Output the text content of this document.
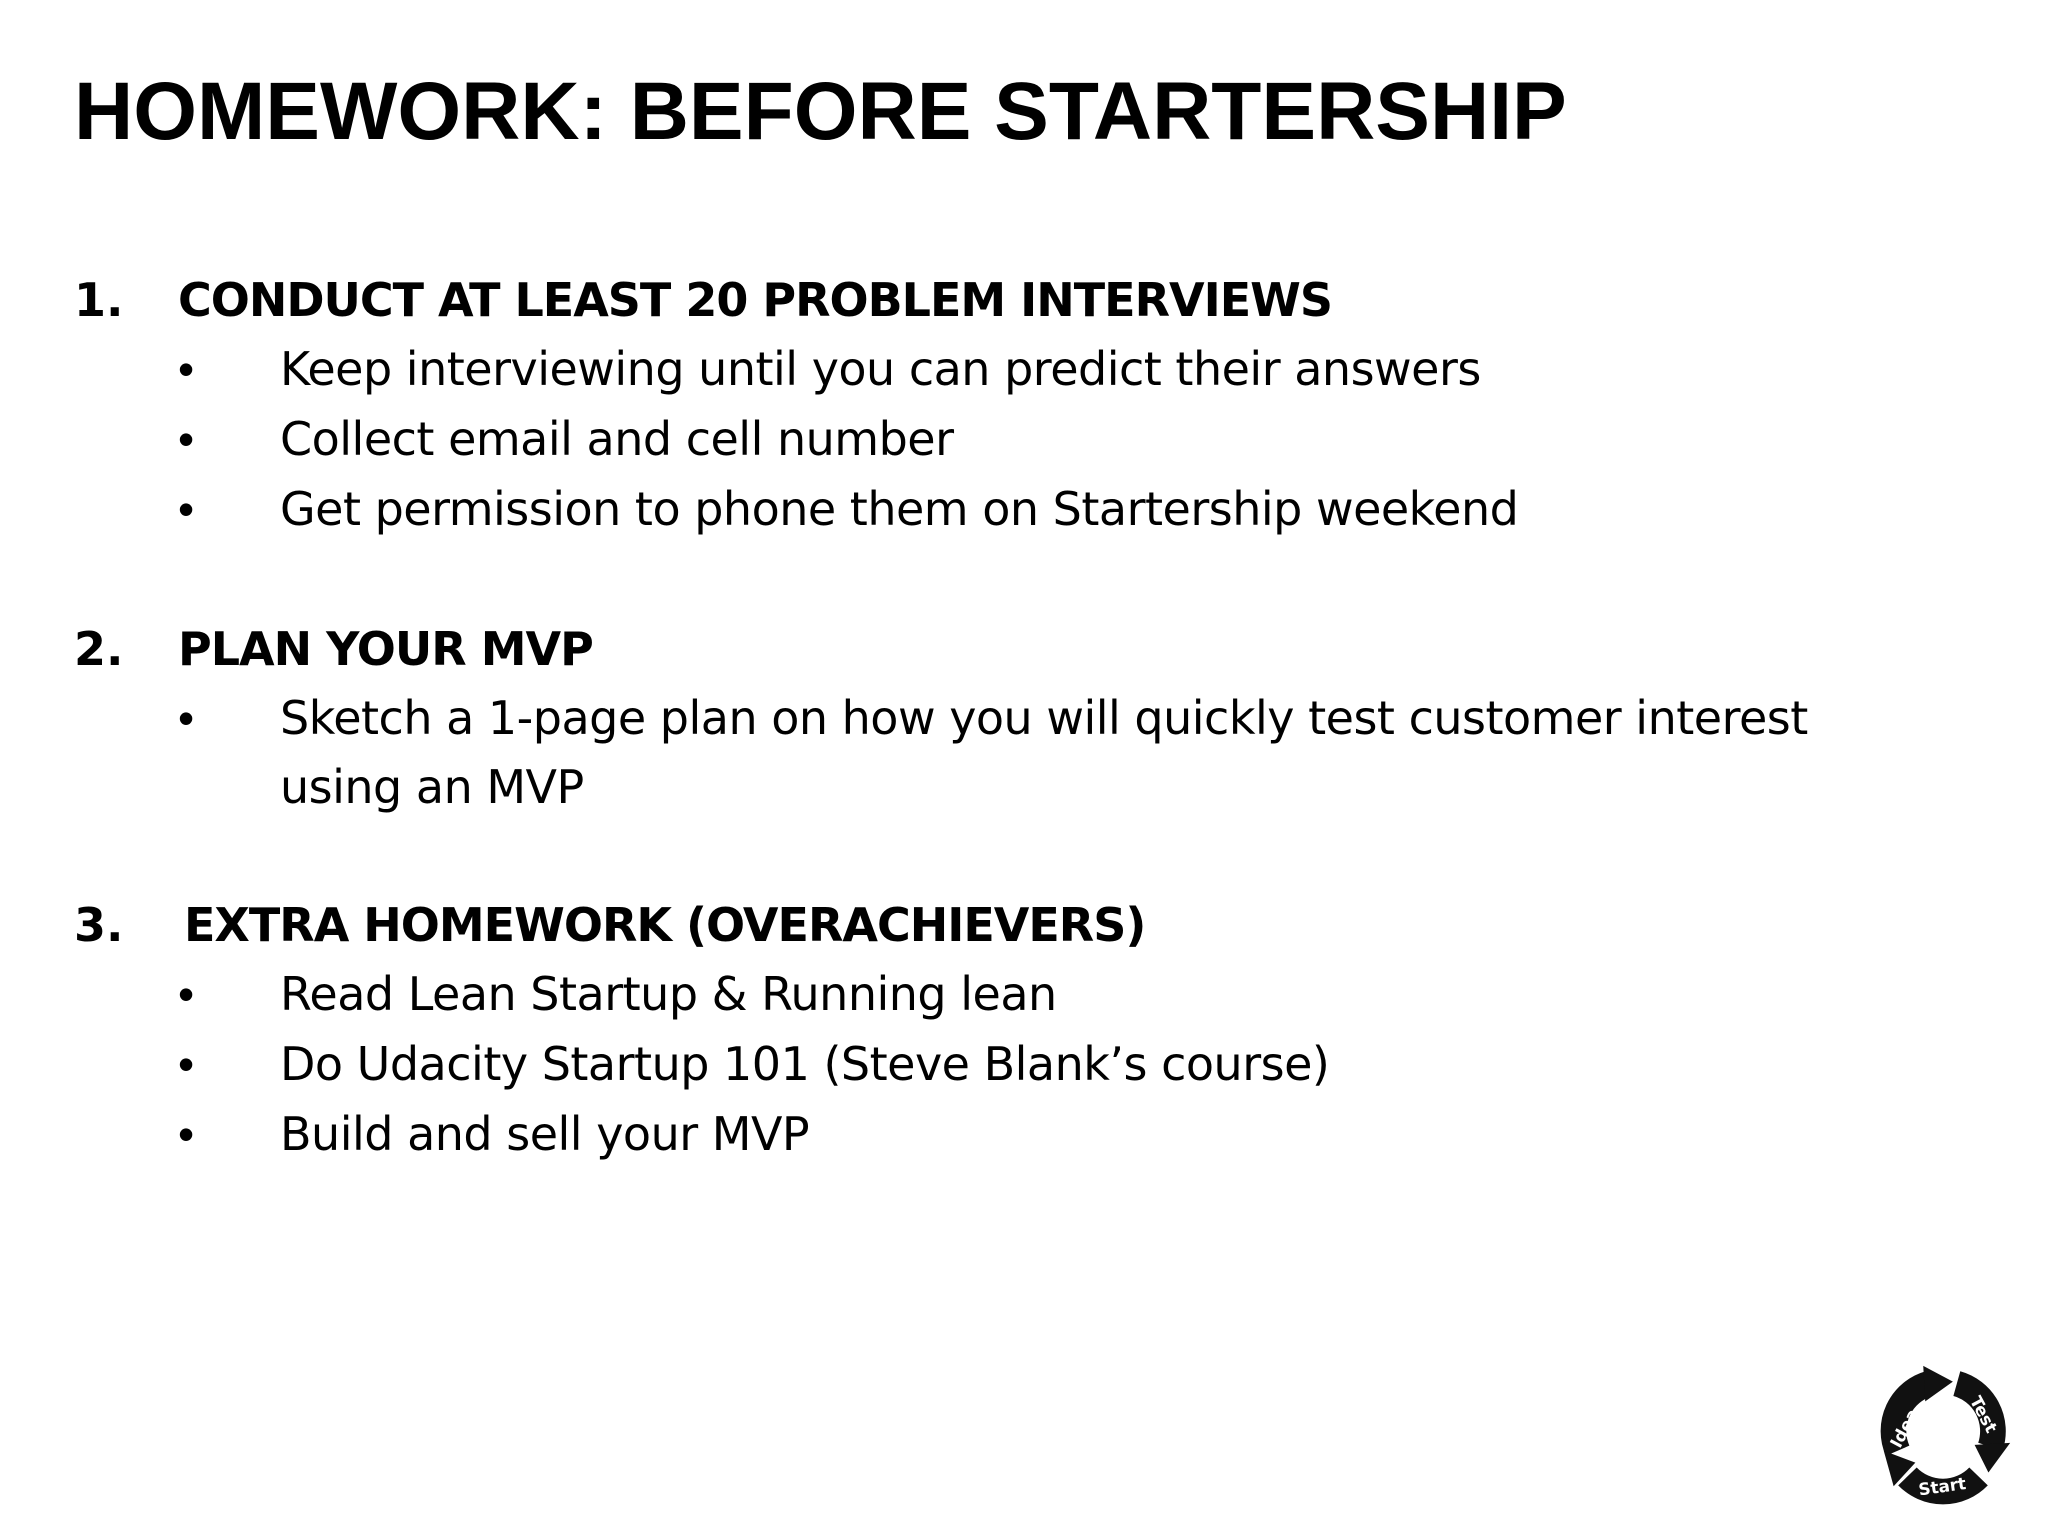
HOMEWORK: BEFORE STARTERSHIP
1. CONDUCT AT LEAST 20 PROBLEM INTERVIEWS
• Keep interviewing until you can predict their answers
• Collect email and cell number
• Get permission to phone them on Startership weekend
2. PLAN YOUR MVP
• Sketch a 1-page plan on how you will quickly test customer interest using an MVP
3. EXTRA HOMEWORK (OVERACHIEVERS)
• Read Lean Startup & Running lean
• Do Udacity Startup 101 (Steve Blank’s course)
• Build and sell your MVP
Idea	Test
Start
